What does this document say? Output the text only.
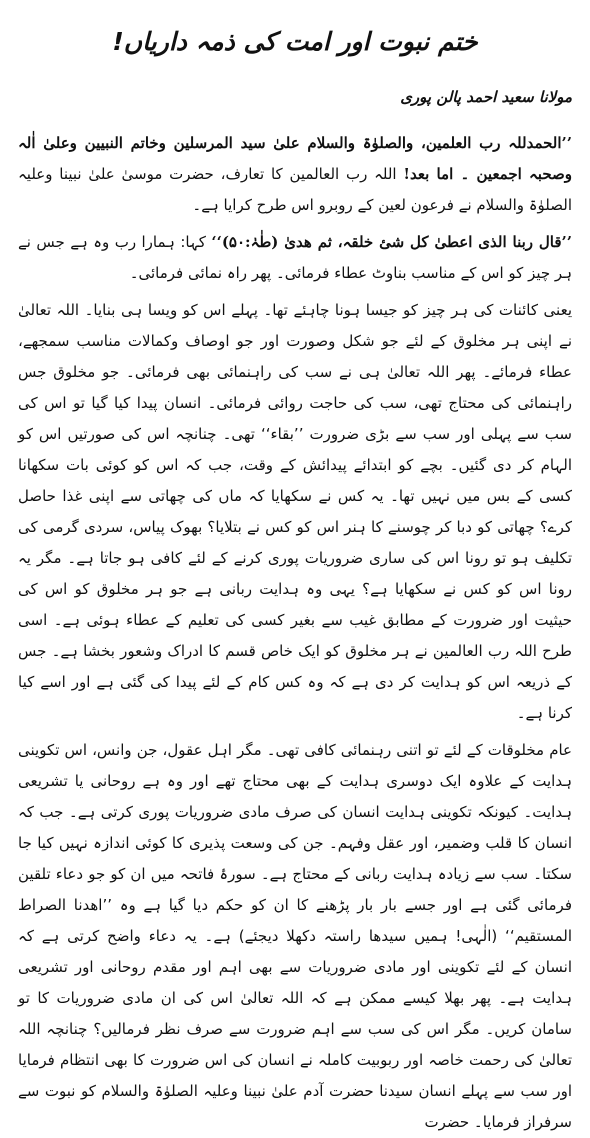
ختم نبوت اور امت کی ذمہ داریاں!
مولانا سعید احمد پالن پوری

’’الحمدللہ رب العلمین، والصلوٰۃ والسلام علیٰ سید المرسلین وخاتم النبیین وعلیٰ اٰلہ وصحبہ اجمعین ۔ اما بعد! اللہ رب العالمین کا تعارف، حضرت موسیٰ علیٰ نبینا وعلیہ الصلوٰۃ والسلام نے فرعون لعین کے روبرو اس طرح کرایا ہے۔

’’قال ربنا الذی اعطیٰ کل شئ خلقہ، ثم ھدیٰ (طٰہٰ:۵۰)‘‘ کہا: ہمارا رب وہ ہے جس نے ہر چیز کو اس کے مناسب بناوٹ عطاء فرمائی۔ پھر راہ نمائی فرمائی۔

یعنی کائنات کی ہر چیز کو جیسا ہونا چاہئے تھا۔ پہلے اس کو ویسا ہی بنایا۔ اللہ تعالیٰ نے اپنی ہر مخلوق کے لئے جو شکل وصورت اور جو اوصاف وکمالات مناسب سمجھے، عطاء فرمائے۔ پھر اللہ تعالیٰ ہی نے سب کی راہنمائی بھی فرمائی۔ جو مخلوق جس راہنمائی کی محتاج تھی، سب کی حاجت روائی فرمائی۔ انسان پیدا کیا گیا تو اس کی سب سے پہلی اور سب سے بڑی ضرورت ’’بقاء‘‘ تھی۔ چنانچہ اس کی صورتیں اس کو الہام کر دی گئیں۔ بچے کو ابتدائے پیدائش کے وقت، جب کہ اس کو کوئی بات سکھانا کسی کے بس میں نہیں تھا۔ یہ کس نے سکھایا کہ ماں کی چھاتی سے اپنی غذا حاصل کرے؟ چھاتی کو دبا کر چوسنے کا ہنر اس کو کس نے بتلایا؟ بھوک پیاس، سردی گرمی کی تکلیف ہو تو رونا اس کی ساری ضروریات پوری کرنے کے لئے کافی ہو جاتا ہے۔ مگر یہ رونا اس کو کس نے سکھایا ہے؟ یہی وہ ہدایت ربانی ہے جو ہر مخلوق کو اس کی حیثیت اور ضرورت کے مطابق غیب سے بغیر کسی کی تعلیم کے عطاء ہوئی ہے۔ اسی طرح اللہ رب العالمین نے ہر مخلوق کو ایک خاص قسم کا ادراک وشعور بخشا ہے۔ جس کے ذریعہ اس کو ہدایت کر دی ہے کہ وہ کس کام کے لئے پیدا کی گئی ہے اور اسے کیا کرنا ہے۔

عام مخلوقات کے لئے تو اتنی رہنمائی کافی تھی۔ مگر اہل عقول، جن وانس، اس تکوینی ہدایت کے علاوہ ایک دوسری ہدایت کے بھی محتاج تھے اور وہ ہے روحانی یا تشریعی ہدایت۔ کیونکہ تکوینی ہدایت انسان کی صرف مادی ضروریات پوری کرتی ہے۔ جب کہ انسان کا قلب وضمیر، اور عقل وفہم۔ جن کی وسعت پذیری کا کوئی اندازہ نہیں کیا جا سکتا۔ سب سے زیادہ ہدایت ربانی کے محتاج ہے۔ سورۂ فاتحہ میں ان کو جو دعاء تلقین فرمائی گئی ہے اور جسے بار بار پڑھنے کا ان کو حکم دیا گیا ہے وہ ’’اھدنا الصراط المستقیم‘‘ (الٰہی! ہمیں سیدھا راستہ دکھلا دیجئے) ہے۔ یہ دعاء واضح کرتی ہے کہ انسان کے لئے تکوینی اور مادی ضروریات سے بھی اہم اور مقدم روحانی اور تشریعی ہدایت ہے۔ پھر بھلا کیسے ممکن ہے کہ اللہ تعالیٰ اس کی ان مادی ضروریات کا تو سامان کریں۔ مگر اس کی سب سے اہم ضرورت سے صرف نظر فرمالیں؟ چنانچہ اللہ تعالیٰ کی رحمت خاصہ اور ربوبیت کاملہ نے انسان کی اس ضرورت کا بھی انتظام فرمایا اور سب سے پہلے انسان سیدنا حضرت آدم علیٰ نبینا وعلیہ الصلوٰۃ والسلام کو نبوت سے سرفراز فرمایا۔ حضرت
